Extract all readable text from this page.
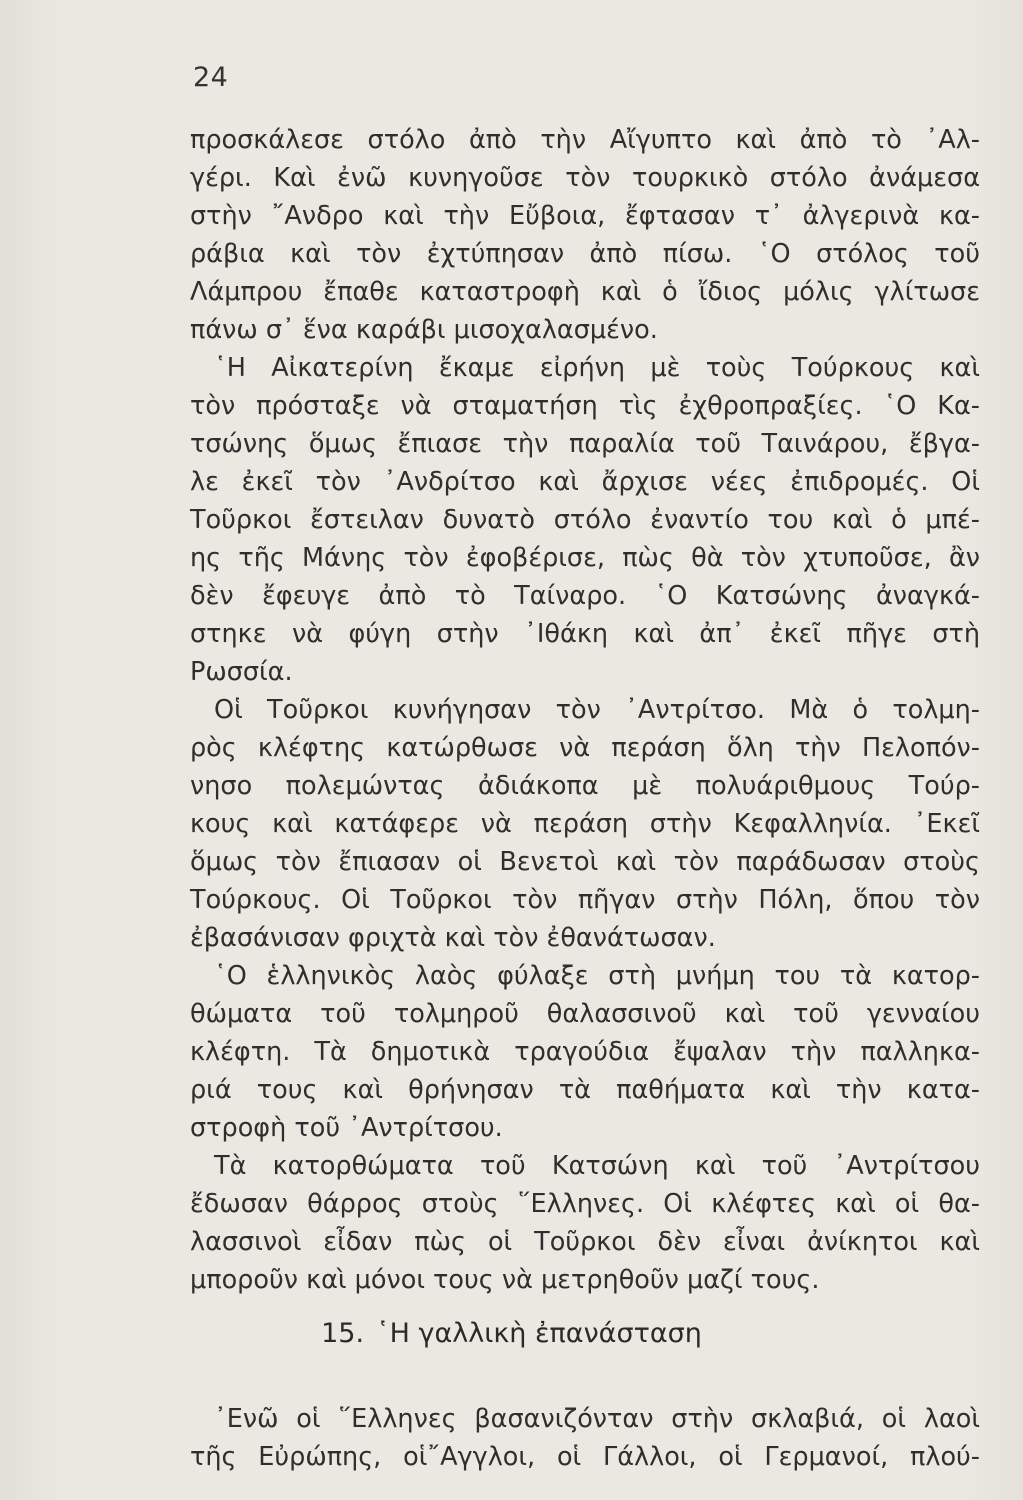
24
προσκάλεσε στόλο ἀπὸ τὴν Αἴγυπτο καὶ ἀπὸ τὸ ᾿Αλ-
γέρι. Καὶ ἐνῶ κυνηγοῦσε τὸν τουρκικὸ στόλο ἀνάμεσα
στὴν ῎Ανδρο καὶ τὴν Εὔβοια, ἔφτασαν τ᾿ ἀλγερινὰ κα-
ράβια καὶ τὸν ἐχτύπησαν ἀπὸ πίσω. ῾Ο στόλος τοῦ
Λάμπρου ἔπαθε καταστροφὴ καὶ ὁ ἴδιος μόλις γλίτωσε
πάνω σ᾿ ἕνα καράβι μισοχαλασμένο.
῾Η Αἰκατερίνη ἔκαμε εἰρήνη μὲ τοὺς Τούρκους καὶ
τὸν πρόσταξε νὰ σταματήση τὶς ἐχθροπραξίες. ῾Ο Κα-
τσώνης ὅμως ἔπιασε τὴν παραλία τοῦ Ταινάρου, ἔβγα-
λε ἐκεῖ τὸν ᾿Ανδρίτσο καὶ ἄρχισε νέες ἐπιδρομές. Οἱ
Τοῦρκοι ἔστειλαν δυνατὸ στόλο ἐναντίο του καὶ ὁ μπέ-
ης τῆς Μάνης τὸν ἐφοβέρισε, πὼς θὰ τὸν χτυποῦσε, ἂν
δὲν ἔφευγε ἀπὸ τὸ Ταίναρο. ῾Ο Κατσώνης ἀναγκά-
στηκε νὰ φύγη στὴν ᾿Ιθάκη καὶ ἀπ᾿ ἐκεῖ πῆγε στὴ
Ρωσσία.
Οἱ Τοῦρκοι κυνήγησαν τὸν ᾿Αντρίτσο. Μὰ ὁ τολμη-
ρὸς κλέφτης κατώρθωσε νὰ περάση ὅλη τὴν Πελοπόν-
νησο πολεμώντας ἀδιάκοπα μὲ πολυάριθμους Τούρ-
κους καὶ κατάφερε νὰ περάση στὴν Κεφαλληνία. ᾿Εκεῖ
ὅμως τὸν ἔπιασαν οἱ Βενετοὶ καὶ τὸν παράδωσαν στοὺς
Τούρκους. Οἱ Τοῦρκοι τὸν πῆγαν στὴν Πόλη, ὅπου τὸν
ἐβασάνισαν φριχτὰ καὶ τὸν ἐθανάτωσαν.
῾Ο ἑλληνικὸς λαὸς φύλαξε στὴ μνήμη του τὰ κατορ-
θώματα τοῦ τολμηροῦ θαλασσινοῦ καὶ τοῦ γενναίου
κλέφτη. Τὰ δημοτικὰ τραγούδια ἔψαλαν τὴν παλληκα-
ριά τους καὶ θρήνησαν τὰ παθήματα καὶ τὴν κατα-
στροφὴ τοῦ ᾿Αντρίτσου.
Τὰ κατορθώματα τοῦ Κατσώνη καὶ τοῦ ᾿Αντρίτσου
ἔδωσαν θάρρος στοὺς ῞Ελληνες. Οἱ κλέφτες καὶ οἱ θα-
λασσινοὶ εἶδαν πὼς οἱ Τοῦρκοι δὲν εἶναι ἀνίκητοι καὶ
μποροῦν καὶ μόνοι τους νὰ μετρηθοῦν μαζί τους.
15. ῾Η γαλλικὴ ἐπανάσταση
᾿Ενῶ οἱ ῞Ελληνες βασανιζόνταν στὴν σκλαβιά, οἱ λαοὶ
τῆς Εὐρώπης, οἱ῎Αγγλοι, οἱ Γάλλοι, οἱ Γερμανοί, πλού-
